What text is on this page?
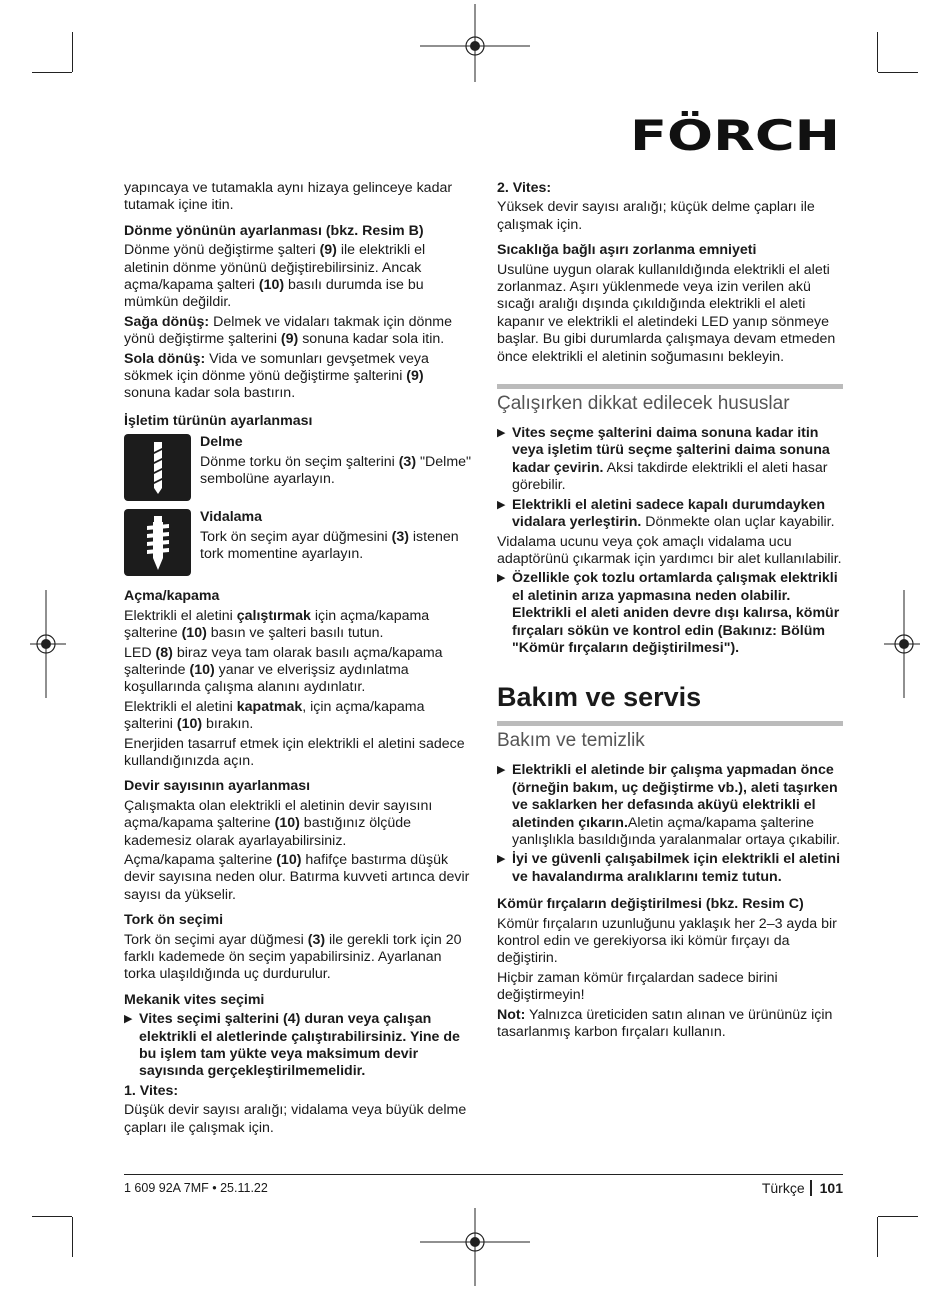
FÖRCH

yapıncaya ve tutamakla aynı hizaya gelinceye kadar tutamak içine itin.

Dönme yönünün ayarlanması (bkz. Resim B)

Dönme yönü değiştirme şalteri (9) ile elektrikli el aletinin dönme yönünü değiştirebilirsiniz. Ancak açma/kapama şalteri (10) basılı durumda ise bu mümkün değildir.

Sağa dönüş: Delmek ve vidaları takmak için dönme yönü değiştirme şalterini (9) sonuna kadar sola itin.

Sola dönüş: Vida ve somunları gevşetmek veya sökmek için dönme yönü değiştirme şalterini (9) sonuna kadar sola bastırın.

İşletim türünün ayarlanması

Delme

Dönme torku ön seçim şalterini (3) "Delme" sembolüne ayarlayın.

Vidalama

Tork ön seçim ayar düğmesini (3) istenen tork momentine ayarlayın.

Açma/kapama

Elektrikli el aletini çalıştırmak için açma/kapama şalterine (10) basın ve şalteri basılı tutun.

LED (8) biraz veya tam olarak basılı açma/kapama şalterinde (10) yanar ve elverişsiz aydınlatma koşullarında çalışma alanını aydınlatır.

Elektrikli el aletini kapatmak, için açma/kapama şalterini (10) bırakın.

Enerjiden tasarruf etmek için elektrikli el aletini sadece kullandığınızda açın.

Devir sayısının ayarlanması

Çalışmakta olan elektrikli el aletinin devir sayısını açma/kapama şalterine (10) bastığınız ölçüde kademesiz olarak ayarlayabilirsiniz.

Açma/kapama şalterine (10) hafifçe bastırma düşük devir sayısına neden olur. Batırma kuvveti artınca devir sayısı da yükselir.

Tork ön seçimi

Tork ön seçimi ayar düğmesi (3) ile gerekli tork için 20 farklı kademede ön seçim yapabilirsiniz. Ayarlanan torka ulaşıldığında uç durdurulur.

Mekanik vites seçimi

▶ Vites seçimi şalterini (4) duran veya çalışan elektrikli el aletlerinde çalıştırabilirsiniz. Yine de bu işlem tam yükte veya maksimum devir sayısında gerçekleştirilmemelidir.

1. Vites:

Düşük devir sayısı aralığı; vidalama veya büyük delme çapları ile çalışmak için.

2. Vites:

Yüksek devir sayısı aralığı; küçük delme çapları ile çalışmak için.

Sıcaklığa bağlı aşırı zorlanma emniyeti

Usulüne uygun olarak kullanıldığında elektrikli el aleti zorlanmaz. Aşırı yüklenmede veya izin verilen akü sıcağı aralığı dışında çıkıldığında elektrikli el aleti kapanır ve elektrikli el aletindeki LED yanıp sönmeye başlar. Bu gibi durumlarda çalışmaya devam etmeden önce elektrikli el aletinin soğumasını bekleyin.

Çalışırken dikkat edilecek hususlar
▶ Vites seçme şalterini daima sonuna kadar itin veya işletim türü seçme şalterini daima sonuna kadar çevirin. Aksi takdirde elektrikli el aleti hasar görebilir.
▶ Elektrikli el aletini sadece kapalı durumdayken vidalara yerleştirin. Dönmekte olan uçlar kayabilir.

Vidalama ucunu veya çok amaçlı vidalama ucu adaptörünü çıkarmak için yardımcı bir alet kullanılabilir.

▶ Özellikle çok tozlu ortamlarda çalışmak elektrikli el aletinin arıza yapmasına neden olabilir. Elektrikli el aleti aniden devre dışı kalırsa, kömür fırçaları sökün ve kontrol edin (Bakınız: Bölüm "Kömür fırçaların değiştirilmesi").
Bakım ve servis
Bakım ve temizlik
▶ Elektrikli el aletinde bir çalışma yapmadan önce (örneğin bakım, uç değiştirme vb.), aleti taşırken ve saklarken her defasında aküyü elektrikli el aletinden çıkarın.Aletin açma/kapama şalterine yanlışlıkla basıldığında yaralanmalar ortaya çıkabilir.
▶ İyi ve güvenli çalışabilmek için elektrikli el aletini ve havalandırma aralıklarını temiz tutun.

Kömür fırçaların değiştirilmesi (bkz. Resim C)

Kömür fırçaların uzunluğunu yaklaşık her 2–3 ayda bir kontrol edin ve gerekiyorsa iki kömür fırçayı da değiştirin.

Hiçbir zaman kömür fırçalardan sadece birini değiştirmeyin!

Not: Yalnızca üreticiden satın alınan ve ürününüz için tasarlanmış karbon fırçaları kullanın.

1 609 92A 7MF • 25.11.22	Türkçe 101
